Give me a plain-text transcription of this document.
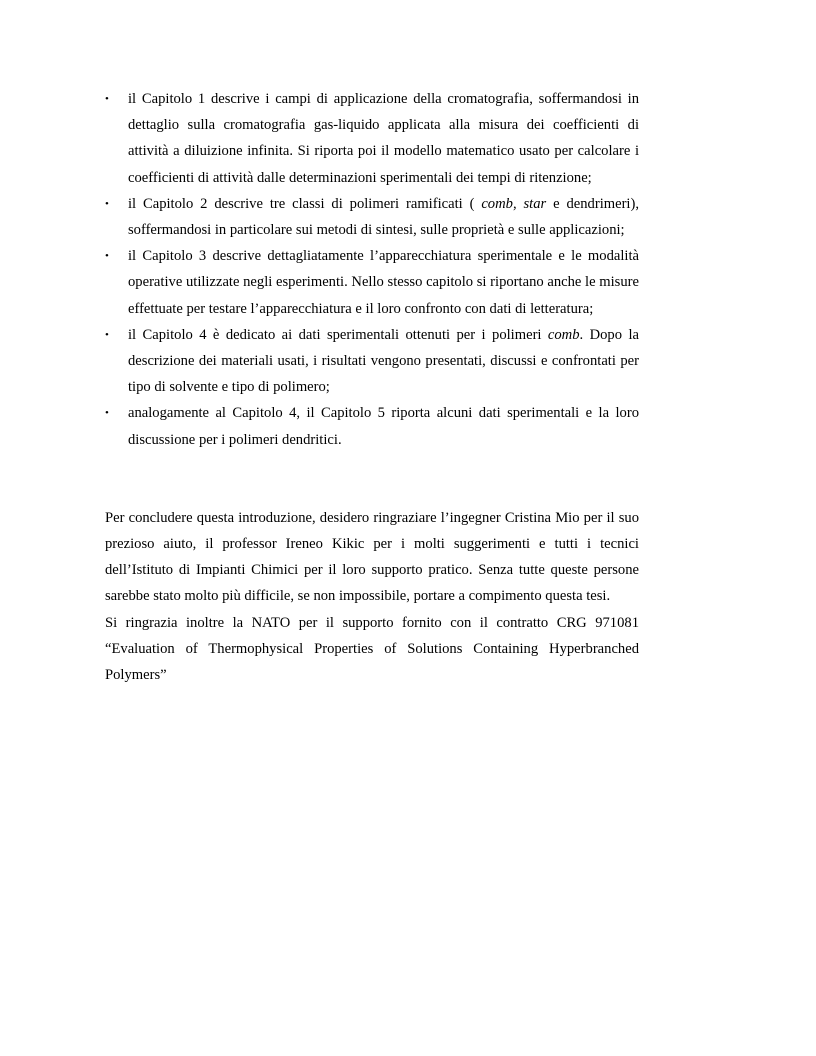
•	il Capitolo 1 descrive i campi di applicazione della cromatografia, soffermandosi in dettaglio sulla cromatografia gas-liquido applicata alla misura dei coefficienti di attività a diluizione infinita. Si riporta poi il modello matematico usato per calcolare i coefficienti di attività dalle determinazioni sperimentali dei tempi di ritenzione;
•	il Capitolo 2 descrive tre classi di polimeri ramificati ( comb, star e dendrimeri), soffermandosi in particolare sui metodi di sintesi, sulle proprietà e sulle applicazioni;
•	il Capitolo 3 descrive dettagliatamente l’apparecchiatura sperimentale e le modalità operative utilizzate negli esperimenti. Nello stesso capitolo si riportano anche le misure effettuate per testare l’apparecchiatura e il loro confronto con dati di letteratura;
•	il Capitolo 4 è dedicato ai dati sperimentali ottenuti per i polimeri comb. Dopo la descrizione dei materiali usati, i risultati vengono presentati, discussi e confrontati per tipo di solvente e tipo di polimero;
•	analogamente al Capitolo 4, il Capitolo 5 riporta alcuni dati sperimentali e la loro discussione per i polimeri dendritici.

Per concludere questa introduzione, desidero ringraziare l’ingegner Cristina Mio per il suo prezioso aiuto, il professor Ireneo Kikic per i molti suggerimenti e tutti i tecnici dell’Istituto di Impianti Chimici per il loro supporto pratico. Senza tutte queste persone sarebbe stato molto più difficile, se non impossibile, portare a compimento questa tesi.

Si ringrazia inoltre la NATO per il supporto fornito con il contratto CRG 971081 “Evaluation of Thermophysical Properties of Solutions Containing Hyperbranched Polymers”
